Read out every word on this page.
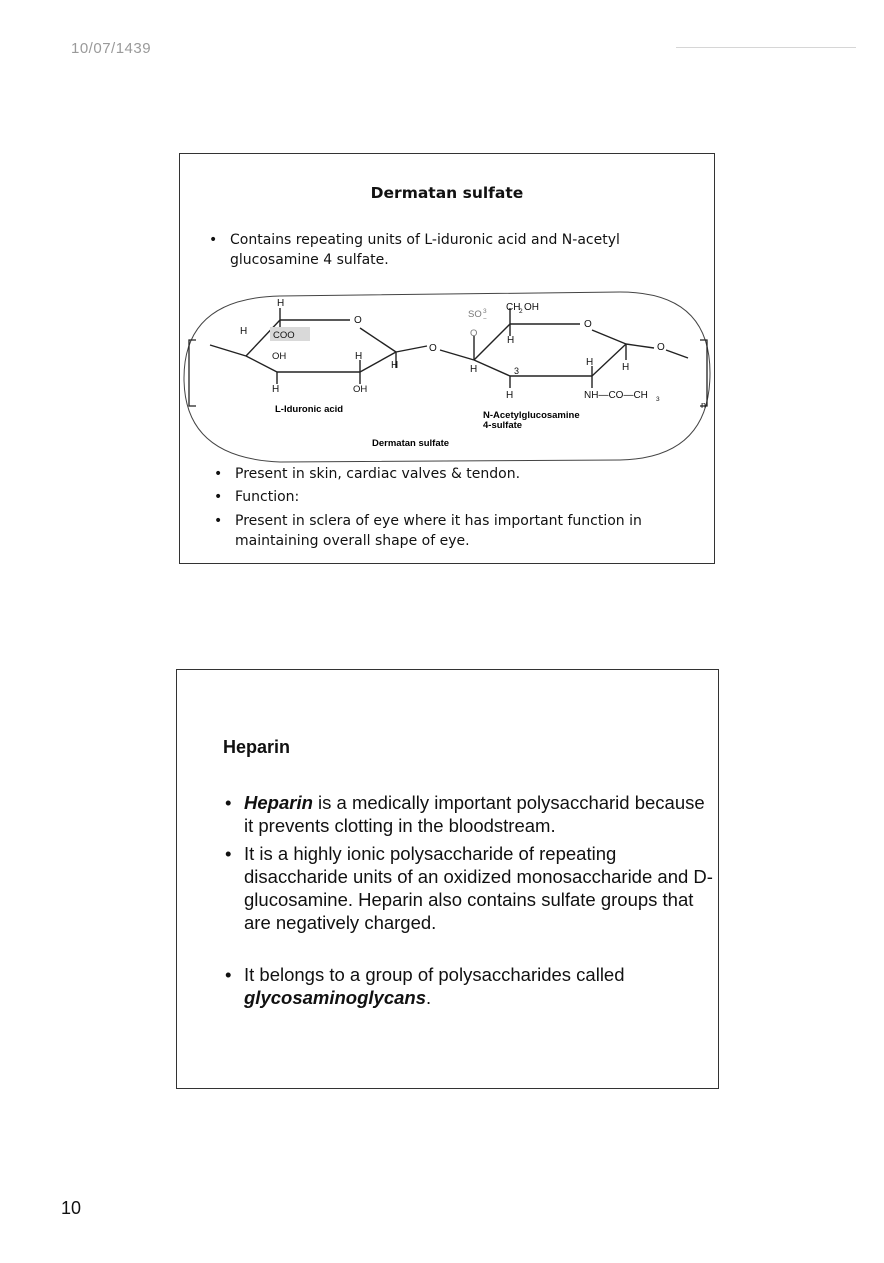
10/07/1439
Dermatan sulfate
• Contains repeating units of L-iduronic acid and N-acetyl glucosamine 4 sulfate.
H
O
H	COO
OH	H
H
H	OH
O
SO 3
−
O
CH
2 OH
O
H
H	3
H	H
O
H	NH—CO—CH 3
n
L-Iduronic acid
N-Acetylglucosamine
4-sulfate
Dermatan sulfate
• Present in skin, cardiac valves & tendon.
• Function:
• Present in sclera of eye where it has important function in maintaining overall shape of eye.
Heparin
• Heparin is a medically important polysaccharid because it prevents clotting in the bloodstream.
• It is a highly ionic polysaccharide of repeating disaccharide units of an oxidized monosaccharide and D-glucosamine. Heparin also contains sulfate groups that are negatively charged.
• It belongs to a group of polysaccharides called glycosaminoglycans.
10
